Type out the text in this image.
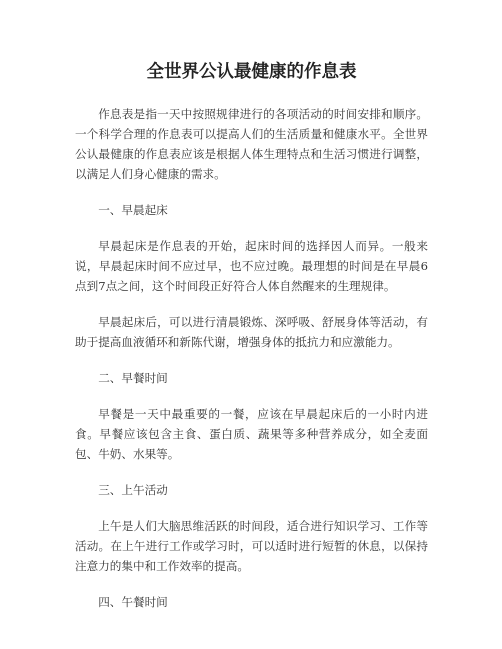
全世界公认最健康的作息表

作息表是指一天中按照规律进行的各项活动的时间安排和顺序。一个科学合理的作息表可以提高人们的生活质量和健康水平。全世界公认最健康的作息表应该是根据人体生理特点和生活习惯进行调整，以满足人们身心健康的需求。

一、早晨起床

早晨起床是作息表的开始，起床时间的选择因人而异。一般来说，早晨起床时间不应过早，也不应过晚。最理想的时间是在早晨6点到7点之间，这个时间段正好符合人体自然醒来的生理规律。

早晨起床后，可以进行清晨锻炼、深呼吸、舒展身体等活动，有助于提高血液循环和新陈代谢，增强身体的抵抗力和应激能力。

二、早餐时间

早餐是一天中最重要的一餐，应该在早晨起床后的一小时内进食。早餐应该包含主食、蛋白质、蔬果等多种营养成分，如全麦面包、牛奶、水果等。

三、上午活动

上午是人们大脑思维活跃的时间段，适合进行知识学习、工作等活动。在上午进行工作或学习时，可以适时进行短暂的休息，以保持注意力的集中和工作效率的提高。

四、午餐时间
